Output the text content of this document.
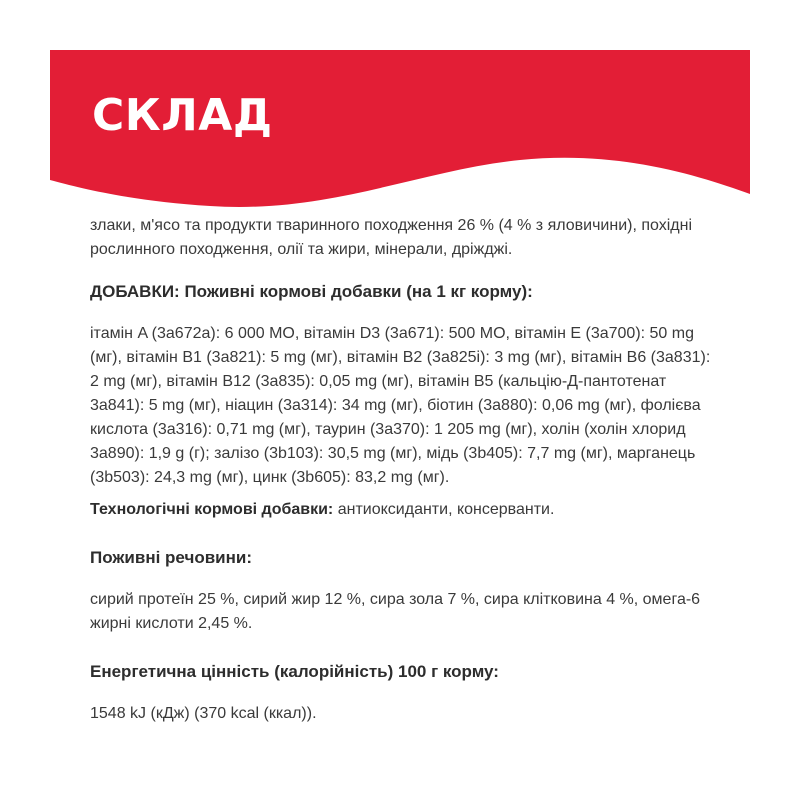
СКЛАД

злаки, м'ясо та продукти тваринного походження 26 % (4 % з яловичини), похідні рослинного походження, олії та жири, мінерали, дріжджі.

ДОБАВКИ: Поживні кормові добавки (на 1 кг корму):

ітамін A (3a672a): 6 000 MO, вітамін D3 (3a671): 500 MO, вітамін E (3a700): 50 mg (мг), вітамін B1 (3a821): 5 mg (мг), вітамін B2 (3a825i): 3 mg (мг), вітамін B6 (3a831): 2 mg (мг), вітамін B12 (3a835): 0,05 mg (мг), вітамін B5 (кальцію-Д-пантотенат 3a841): 5 mg (мг), ніацин (3a314): 34 mg (мг), біотин (3a880): 0,06 mg (мг), фолієва кислота (3a316): 0,71 mg (мг), таурин (3a370): 1 205 mg (мг), холін (холін хлорид 3a890): 1,9 g (г); залізо (3b103): 30,5 mg (мг), мідь (3b405): 7,7 mg (мг), марганець (3b503): 24,3 mg (мг), цинк (3b605): 83,2 mg (мг).

Технологічні кормові добавки: антиоксиданти, консерванти.

Поживні речовини:

сирий протеїн 25 %, сирий жир 12 %, сира зола 7 %, сира клітковина 4 %, омега-6 жирні кислоти 2,45 %.

Енергетична цінність (калорійність) 100 г корму:

1548 kJ (кДж) (370 kcal (ккал)).
